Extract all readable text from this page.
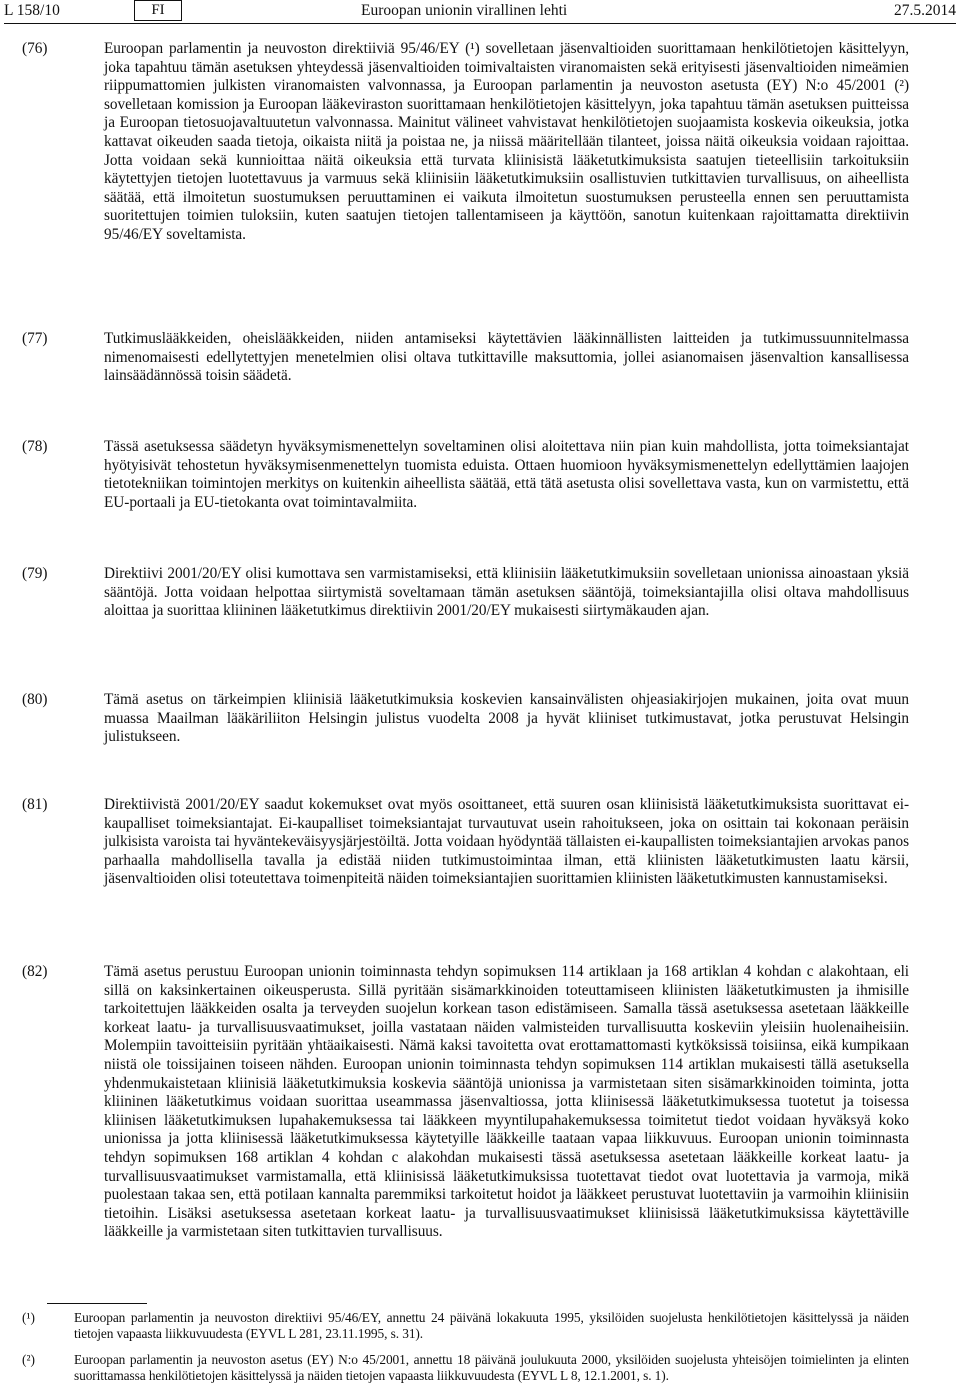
L 158/10	FI	Euroopan unionin virallinen lehti	27.5.2014
(76)	Euroopan parlamentin ja neuvoston direktiiviä 95/46/EY (¹) sovelletaan jäsenvaltioiden suorittamaan henkilötietojen käsittelyyn, joka tapahtuu tämän asetuksen yhteydessä jäsenvaltioiden toimivaltaisten viranomaisten sekä erityisesti jäsenvaltioiden nimeämien riippumattomien julkisten viranomaisten valvonnassa, ja Euroopan parlamentin ja neuvoston asetusta (EY) N:o 45/2001 (²) sovelletaan komission ja Euroopan lääkeviraston suorittamaan henkilötietojen käsittelyyn, joka tapahtuu tämän asetuksen puitteissa ja Euroopan tietosuojavaltuutetun valvonnassa. Mainitut välineet vahvistavat henkilötietojen suojaamista koskevia oikeuksia, jotka kattavat oikeuden saada tietoja, oikaista niitä ja poistaa ne, ja niissä määritellään tilanteet, joissa näitä oikeuksia voidaan rajoittaa. Jotta voidaan sekä kunnioittaa näitä oikeuksia että turvata kliinisistä lääketutkimuksista saatujen tieteellisiin tarkoituksiin käytettyjen tietojen luotettavuus ja varmuus sekä kliinisiin lääketutkimuksiin osallistuvien tutkittavien turvallisuus, on aiheellista säätää, että ilmoitetun suostumuksen peruuttaminen ei vaikuta ilmoitetun suostumuksen perusteella ennen sen peruuttamista suoritettujen toimien tuloksiin, kuten saatujen tietojen tallentamiseen ja käyttöön, sanotun kuitenkaan rajoittamatta direktiivin 95/46/EY soveltamista.
(77)	Tutkimuslääkkeiden, oheislääkkeiden, niiden antamiseksi käytettävien lääkinnällisten laitteiden ja tutkimussuunnitelmassa nimenomaisesti edellytettyjen menetelmien olisi oltava tutkittaville maksuttomia, jollei asianomaisen jäsenvaltion kansallisessa lainsäädännössä toisin säädetä.
(78)	Tässä asetuksessa säädetyn hyväksymismenettelyn soveltaminen olisi aloitettava niin pian kuin mahdollista, jotta toimeksiantajat hyötyisivät tehostetun hyväksymisenmenettelyn tuomista eduista. Ottaen huomioon hyväksymismenettelyn edellyttämien laajojen tietotekniikan toimintojen merkitys on kuitenkin aiheellista säätää, että tätä asetusta olisi sovellettava vasta, kun on varmistettu, että EU-portaali ja EU-tietokanta ovat toimintavalmiita.
(79)	Direktiivi 2001/20/EY olisi kumottava sen varmistamiseksi, että kliinisiin lääketutkimuksiin sovelletaan unionissa ainoastaan yksiä sääntöjä. Jotta voidaan helpottaa siirtymistä soveltamaan tämän asetuksen sääntöjä, toimeksiantajilla olisi oltava mahdollisuus aloittaa ja suorittaa kliininen lääketutkimus direktiivin 2001/20/EY mukaisesti siirtymäkauden ajan.
(80)	Tämä asetus on tärkeimpien kliinisiä lääketutkimuksia koskevien kansainvälisten ohjeasiakirjojen mukainen, joita ovat muun muassa Maailman lääkäriliiton Helsingin julistus vuodelta 2008 ja hyvät kliiniset tutkimustavat, jotka perustuvat Helsingin julistukseen.
(81)	Direktiivistä 2001/20/EY saadut kokemukset ovat myös osoittaneet, että suuren osan kliinisistä lääketutkimuksista suorittavat ei-kaupalliset toimeksiantajat. Ei-kaupalliset toimeksiantajat turvautuvat usein rahoitukseen, joka on osittain tai kokonaan peräisin julkisista varoista tai hyväntekeväisyysjärjestöiltä. Jotta voidaan hyödyntää tällaisten ei-kaupallisten toimeksiantajien arvokas panos parhaalla mahdollisella tavalla ja edistää niiden tutkimustoimintaa ilman, että kliinisten lääketutkimusten laatu kärsii, jäsenvaltioiden olisi toteutettava toimenpiteitä näiden toimeksiantajien suorittamien kliinisten lääketutkimusten kannustamiseksi.
(82)	Tämä asetus perustuu Euroopan unionin toiminnasta tehdyn sopimuksen 114 artiklaan ja 168 artiklan 4 kohdan c alakohtaan, eli sillä on kaksinkertainen oikeusperusta. Sillä pyritään sisämarkkinoiden toteuttamiseen kliinisten lääketutkimusten ja ihmisille tarkoitettujen lääkkeiden osalta ja terveyden suojelun korkean tason edistämiseen. Samalla tässä asetuksessa asetetaan lääkkeille korkeat laatu- ja turvallisuusvaatimukset, joilla vastataan näiden valmisteiden turvallisuutta koskeviin yleisiin huolenaiheisiin. Molempiin tavoitteisiin pyritään yhtäaikaisesti. Nämä kaksi tavoitetta ovat erottamattomasti kytköksissä toisiinsa, eikä kumpikaan niistä ole toissijainen toiseen nähden. Euroopan unionin toiminnasta tehdyn sopimuksen 114 artiklan mukaisesti tällä asetuksella yhdenmukaistetaan kliinisiä lääketutkimuksia koskevia sääntöjä unionissa ja varmistetaan siten sisämarkkinoiden toiminta, jotta kliininen lääketutkimus voidaan suorittaa useammassa jäsenvaltiossa, jotta kliinisessä lääketutkimuksessa tuotetut ja toisessa kliinisen lääketutkimuksen lupahakemuksessa tai lääkkeen myyntilupahakemuksessa toimitetut tiedot voidaan hyväksyä koko unionissa ja jotta kliinisessä lääketutkimuksessa käytetyille lääkkeille taataan vapaa liikkuvuus. Euroopan unionin toiminnasta tehdyn sopimuksen 168 artiklan 4 kohdan c alakohdan mukaisesti tässä asetuksessa asetetaan lääkkeille korkeat laatu- ja turvallisuusvaatimukset varmistamalla, että kliinisissä lääketutkimuksissa tuotettavat tiedot ovat luotettavia ja varmoja, mikä puolestaan takaa sen, että potilaan kannalta paremmiksi tarkoitetut hoidot ja lääkkeet perustuvat luotettaviin ja varmoihin kliinisiin tietoihin. Lisäksi asetuksessa asetetaan korkeat laatu- ja turvallisuusvaatimukset kliinisissä lääketutkimuksissa käytettäville lääkkeille ja varmistetaan siten tutkittavien turvallisuus.
(¹)	Euroopan parlamentin ja neuvoston direktiivi 95/46/EY, annettu 24 päivänä lokakuuta 1995, yksilöiden suojelusta henkilötietojen käsittelyssä ja näiden tietojen vapaasta liikkuvuudesta (EYVL L 281, 23.11.1995, s. 31).
(²)	Euroopan parlamentin ja neuvoston asetus (EY) N:o 45/2001, annettu 18 päivänä joulukuuta 2000, yksilöiden suojelusta yhteisöjen toimielinten ja elinten suorittamassa henkilötietojen käsittelyssä ja näiden tietojen vapaasta liikkuvuudesta (EYVL L 8, 12.1.2001, s. 1).
